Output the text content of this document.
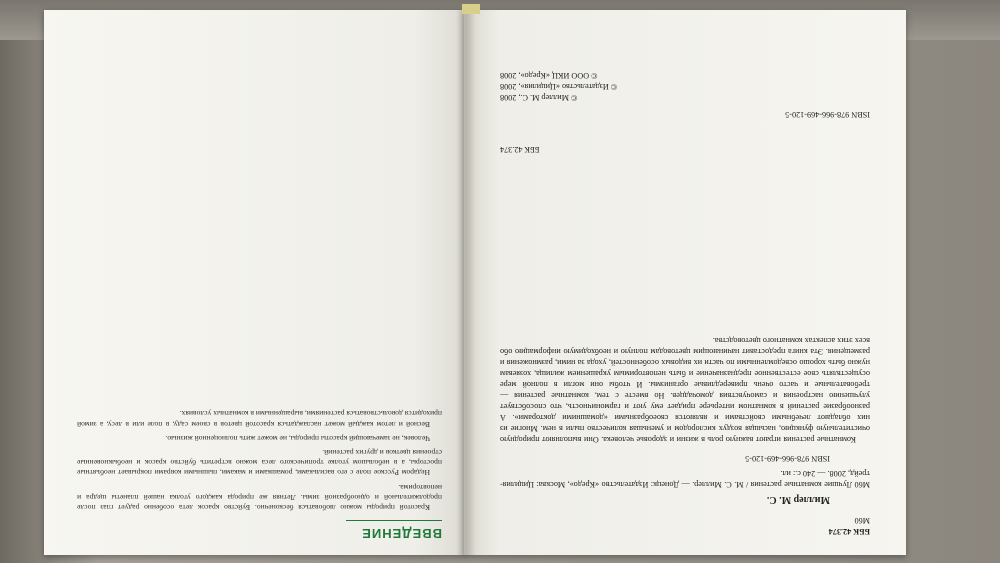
ВВЕДЕНИЕ

Красотой природы можно любоваться бесконечно. Буйство красок лета особенно радует глаз после продолжительной и однообразной зимы. Летняя же природа каждого уголка нашей планеты щедра и неповторима.

Недаром Русское поле с его васильками, ромашками и маками, пышными коврами покрывает необъятные просторы, а в небольшом уголке тропического леса можно встретить буйство красок и необыкновенные строения цветков и других растений.

Человек, не замечающий красоты природы, не может жить полноценной жизнью.

Весной и летом каждый может наслаждаться красотой цветов в своем саду, в поле или в лесу, а зимой приходится довольствоваться растениями, выращенными в комнатных условиях.

ББК 42.374
М60
Миллер М. С.
М60 Лучшие комнатные растения / М. С. Миллер. — Донецк: Издательство «Кредо», Москва: Цицилия-трейд, 2008. — 240 с.: ил.
ISBN 978-966-469-120-5
Комнатные растения играют важную роль в жизни и здоровье человека. Они выполняют природную очистительную функцию, насыщая воздух кислородом и уменьшая количество пыли в нем. Многие из них обладают лечебными свойствами и являются своеобразными «домашними докторами». А разнообразие растений в комнатном интерьере придает ему уют и гармоничность, что способствует улучшению настроения и самочувствия домочадцев. Но вместе с тем, комнатные растения — требовательные и часто очень привередливые организмы. И чтобы они могли в полной мере осуществлять свое естественное предназначение и быть неповторимым украшением жилища, хозяевам нужно быть хорошо осведомленными по части их видовых особенностей, ухода за ними, размножения и размещения. Эта книга предоставит начинающим цветоводам полную и необходимую информацию обо всех этих аспектах комнатного цветоводства.
ББК 42.374
ISBN 978-966-469-120-5
© Миллер М. С., 2008
© Издательство «Цицилия», 2008
© ООО ИКЦ «Кредо», 2008
